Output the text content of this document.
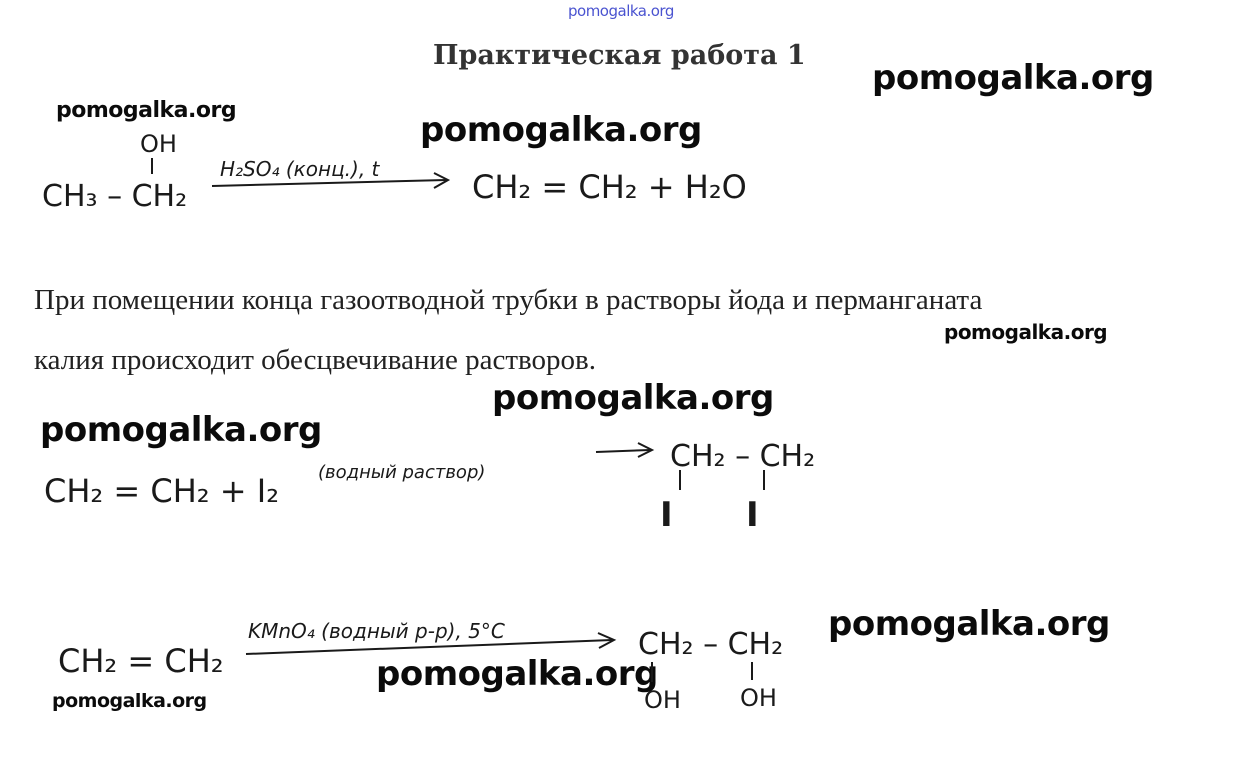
pomogalka.org
Практическая работа 1
pomogalka.org
pomogalka.org	pomogalka.org
pomogalka.org
pomogalka.org
pomogalka.org
pomogalka.org
pomogalka.org
pomogalka.org
При помещении конца газоотводной трубки в растворы йода и перманганата
калия происходит обесцвечивание растворов.
OH
CH₃ – CH₂
H₂SO₄ (конц.), t	CH₂ = CH₂ + H₂O
CH₂ = CH₂ + I₂ (водный раствор)	CH₂ – CH₂
I I
CH₂ = CH₂
KMnO₄ (водный р-р), 5°C	CH₂ – CH₂
OH OH
